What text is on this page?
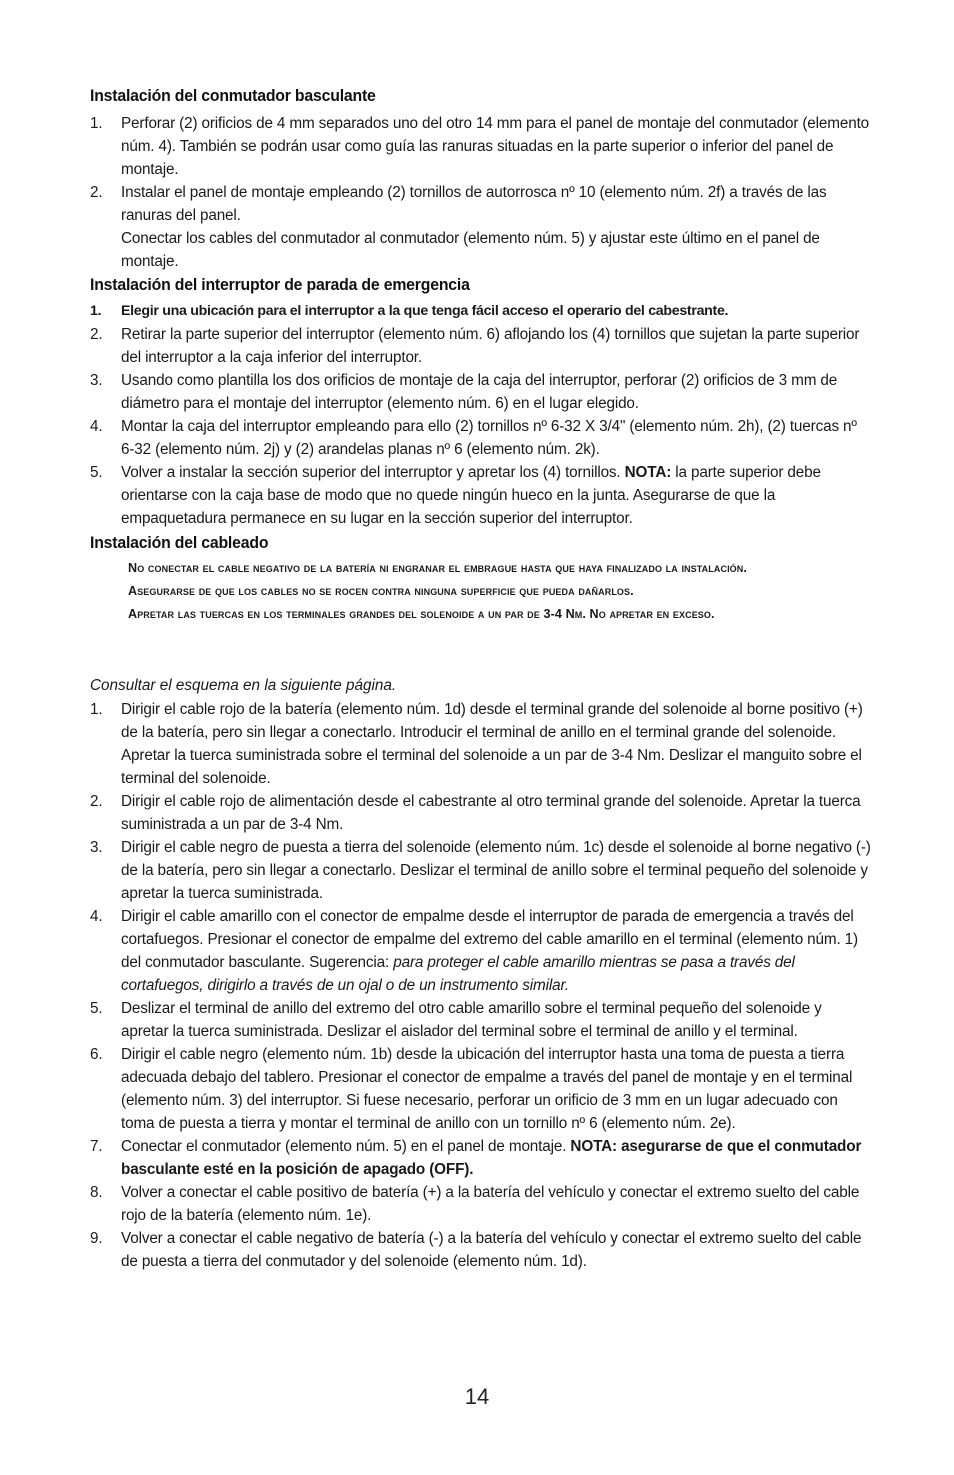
Instalación del conmutador basculante
1. Perforar (2) orificios de 4 mm separados uno del otro 14 mm para el panel de montaje del conmutador (elemento núm. 4). También se podrán usar como guía las ranuras situadas en la parte superior o inferior del panel de montaje.
2. Instalar el panel de montaje empleando (2) tornillos de autorrosca nº 10 (elemento núm. 2f) a través de las ranuras del panel.
Conectar los cables del conmutador al conmutador (elemento núm. 5) y ajustar este último en el panel de montaje.
Instalación del interruptor de parada de emergencia
1. Elegir una ubicación para el interruptor a la que tenga fácil acceso el operario del cabestrante.
2. Retirar la parte superior del interruptor (elemento núm. 6) aflojando los (4) tornillos que sujetan la parte superior del interruptor a la caja inferior del interruptor.
3. Usando como plantilla los dos orificios de montaje de la caja del interruptor, perforar (2) orificios de 3 mm de diámetro para el montaje del interruptor (elemento núm. 6) en el lugar elegido.
4. Montar la caja del interruptor empleando para ello (2) tornillos nº 6-32 X 3/4" (elemento núm. 2h), (2) tuercas nº 6-32 (elemento núm. 2j) y (2) arandelas planas nº 6 (elemento núm. 2k).
5. Volver a instalar la sección superior del interruptor y apretar los (4) tornillos. NOTA: la parte superior debe orientarse con la caja base de modo que no quede ningún hueco en la junta. Asegurarse de que la empaquetadura permanece en su lugar en la sección superior del interruptor.
Instalación del cableado

No conectar el cable negativo de la batería ni engranar el embrague hasta que haya finalizado la instalación.

Asegurarse de que los cables no se rocen contra ninguna superficie que pueda dañarlos.

Apretar las tuercas en los terminales grandes del solenoide a un par de 3-4 Nm. No apretar en exceso.

Consultar el esquema en la siguiente página.

1. Dirigir el cable rojo de la batería (elemento núm. 1d) desde el terminal grande del solenoide al borne positivo (+) de la batería, pero sin llegar a conectarlo. Introducir el terminal de anillo en el terminal grande del solenoide. Apretar la tuerca suministrada sobre el terminal del solenoide a un par de 3-4 Nm. Deslizar el manguito sobre el terminal del solenoide.
2. Dirigir el cable rojo de alimentación desde el cabestrante al otro terminal grande del solenoide. Apretar la tuerca suministrada a un par de 3-4 Nm.
3. Dirigir el cable negro de puesta a tierra del solenoide (elemento núm. 1c) desde el solenoide al borne negativo (-) de la batería, pero sin llegar a conectarlo. Deslizar el terminal de anillo sobre el terminal pequeño del solenoide y apretar la tuerca suministrada.
4. Dirigir el cable amarillo con el conector de empalme desde el interruptor de parada de emergencia a través del cortafuegos. Presionar el conector de empalme del extremo del cable amarillo en el terminal (elemento núm. 1) del conmutador basculante. Sugerencia: para proteger el cable amarillo mientras se pasa a través del cortafuegos, dirigirlo a través de un ojal o de un instrumento similar.
5. Deslizar el terminal de anillo del extremo del otro cable amarillo sobre el terminal pequeño del solenoide y apretar la tuerca suministrada. Deslizar el aislador del terminal sobre el terminal de anillo y el terminal.
6. Dirigir el cable negro (elemento núm. 1b) desde la ubicación del interruptor hasta una toma de puesta a tierra adecuada debajo del tablero. Presionar el conector de empalme a través del panel de montaje y en el terminal (elemento núm. 3) del interruptor. Si fuese necesario, perforar un orificio de 3 mm en un lugar adecuado con toma de puesta a tierra y montar el terminal de anillo con un tornillo nº 6 (elemento núm. 2e).
7. Conectar el conmutador (elemento núm. 5) en el panel de montaje. NOTA: asegurarse de que el conmutador basculante esté en la posición de apagado (OFF).
8. Volver a conectar el cable positivo de batería (+) a la batería del vehículo y conectar el extremo suelto del cable rojo de la batería (elemento núm. 1e).
9. Volver a conectar el cable negativo de batería (-) a la batería del vehículo y conectar el extremo suelto del cable de puesta a tierra del conmutador y del solenoide (elemento núm. 1d).
14
